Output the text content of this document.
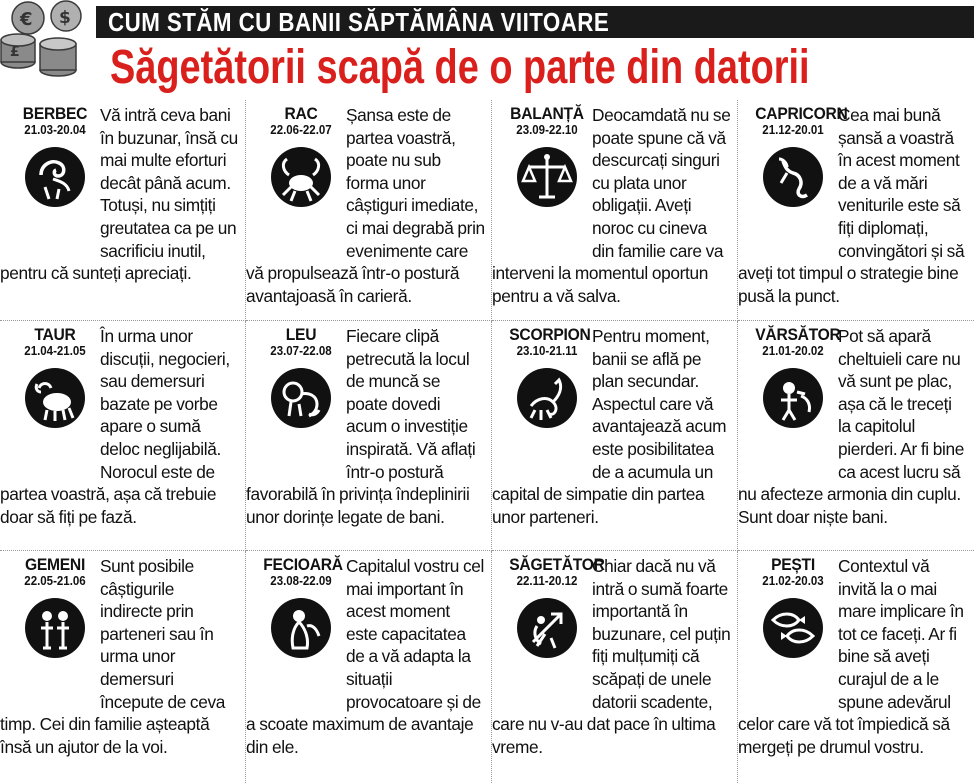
€ $
£
CUM STĂM CU BANII SĂPTĂMÂNA VIITOARE
Săgetătorii scapă de o parte din datorii
BERBEC
21.03-20.04

Vă intră ceva bani în buzunar, însă cu mai multe eforturi decât până acum. Totuși, nu simțiți greutatea ca pe un sacrificiu inutil, pentru că sunteți apreciați.

RAC
22.06-22.07

Șansa este de partea voastră, poate nu sub forma unor câștiguri imediate, ci mai degrabă prin evenimente care vă propulsează într-o postură avantajoasă în carieră.

BALANȚĂ
23.09-22.10

Deocamdată nu se poate spune că vă descurcați singuri cu plata unor obligații. Aveți noroc cu cineva din familie care va interveni la momentul oportun pentru a vă salva.

CAPRICORN
21.12-20.01

Cea mai bună șansă a voastră în acest moment de a vă mări veniturile este să fiți diplomați, convingători și să aveți tot timpul o strategie bine pusă la punct.

TAUR
21.04-21.05

În urma unor discuții, negocieri, sau demersuri bazate pe vorbe apare o sumă deloc neglijabilă. Norocul este de partea voastră, așa că trebuie doar să fiți pe fază.

LEU
23.07-22.08

Fiecare clipă petrecută la locul de muncă se poate dovedi acum o investiție inspirată. Vă aflați într-o postură favorabilă în privința îndeplinirii unor dorințe legate de bani.

SCORPION
23.10-21.11

Pentru moment, banii se află pe plan secundar. Aspectul care vă avantajează acum este posibilitatea de a acumula un capital de simpatie din partea unor parteneri.

VĂRSĂTOR
21.01-20.02

Pot să apară cheltuieli care nu vă sunt pe plac, așa că le treceți la capitolul pierderi. Ar fi bine ca acest lucru să nu afecteze armonia din cuplu. Sunt doar niște bani.

GEMENI
22.05-21.06

Sunt posibile câștigurile indirecte prin parteneri sau în urma unor demersuri începute de ceva timp. Cei din familie așteaptă însă un ajutor de la voi.

FECIOARĂ
23.08-22.09

Capitalul vostru cel mai important în acest moment este capacitatea de a vă adapta la situații provocatoare și de a scoate maximum de avantaje din ele.

SĂGETĂTOR
22.11-20.12

Chiar dacă nu vă intră o sumă foarte importantă în buzunare, cel puțin fiți mulțumiți că scăpați de unele datorii scadente, care nu v-au dat pace în ultima vreme.

PEȘTI
21.02-20.03

Contextul vă invită la o mai mare implicare în tot ce faceți. Ar fi bine să aveți curajul de a le spune adevărul celor care vă tot împiedică să mergeți pe drumul vostru.
